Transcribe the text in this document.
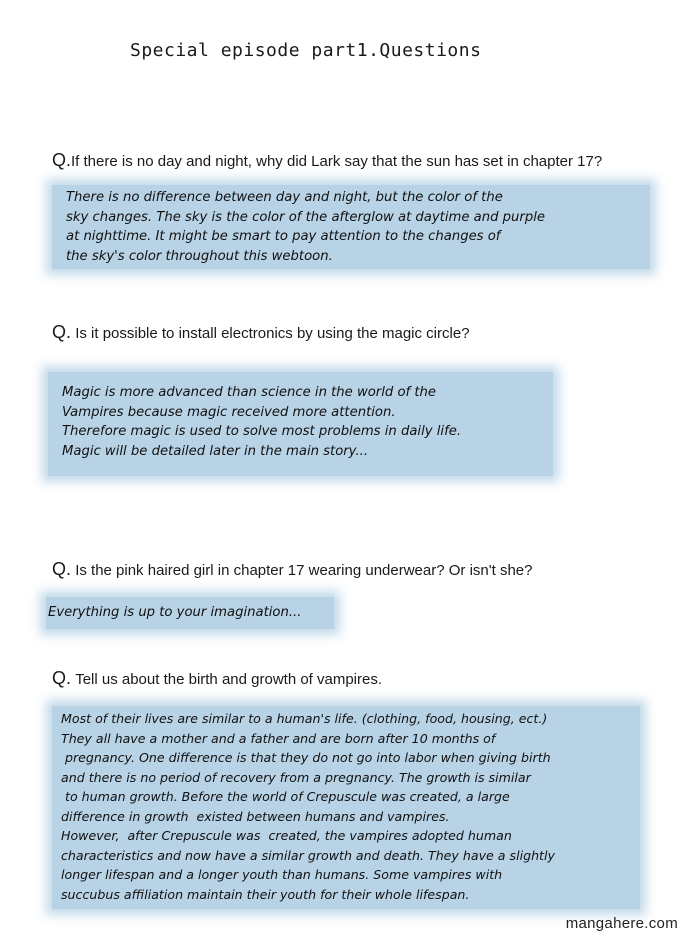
Special episode part1.Questions
Q.If there is no day and night, why did Lark say that the sun has set in chapter 17?
There is no difference between day and night, but the color of the
sky changes. The sky is the color of the afterglow at daytime and purple
at nighttime. It might be smart to pay attention to the changes of
the sky's color throughout this webtoon.
Q. Is it possible to install electronics by using the magic circle?
Magic is more advanced than science in the world of the
Vampires because magic received more attention.
Therefore magic is used to solve most problems in daily life.
Magic will be detailed later in the main story...
Q. Is the pink haired girl in chapter 17 wearing underwear? Or isn't she?
Everything is up to your imagination...
Q. Tell us about the birth and growth of vampires.
Most of their lives are similar to a human's life. (clothing, food, housing, ect.)
They all have a mother and a father and are born after 10 months of
pregnancy. One difference is that they do not go into labor when giving birth
and there is no period of recovery from a pregnancy. The growth is similar
to human growth. Before the world of Crepuscule was created, a large
difference in growth  existed between humans and vampires.
However,  after Crepuscule was  created, the vampires adopted human
characteristics and now have a similar growth and death. They have a slightly
longer lifespan and a longer youth than humans. Some vampires with
succubus affiliation maintain their youth for their whole lifespan.
mangahere.com
